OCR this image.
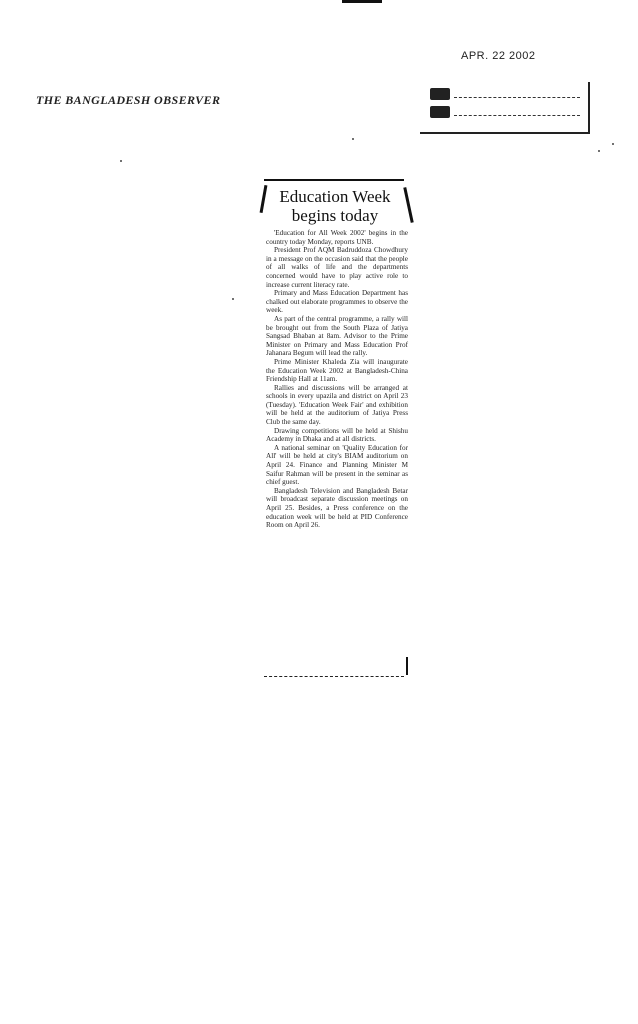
APR. 22 2002
THE BANGLADESH OBSERVER
Education Week begins today

'Education for All Week 2002' begins in the country today Monday, reports UNB.

President Prof AQM Badruddoza Chowdhury in a message on the occasion said that the people of all walks of life and the departments concerned would have to play active role to increase current literacy rate.

Primary and Mass Education Department has chalked out elaborate programmes to observe the week.

As part of the central programme, a rally will be brought out from the South Plaza of Jatiya Sangsad Bhaban at 8am. Advisor to the Prime Minister on Primary and Mass Education Prof Jahanara Begum will lead the rally.

Prime Minister Khaleda Zia will inaugurate the Education Week 2002 at Bangladesh-China Friendship Hall at 11am.

Rallies and discussions will be arranged at schools in every upazila and district on April 23 (Tuesday). 'Education Week Fair' and exhibition will be held at the auditorium of Jatiya Press Club the same day.

Drawing competitions will be held at Shishu Academy in Dhaka and at all districts.

A national seminar on 'Quality Education for All' will be held at city's BIAM auditorium on April 24. Finance and Planning Minister M Saifur Rahman will be present in the seminar as chief guest.

Bangladesh Television and Bangladesh Betar will broadcast separate discussion meetings on April 25. Besides, a Press conference on the education week will be held at PID Conference Room on April 26.
